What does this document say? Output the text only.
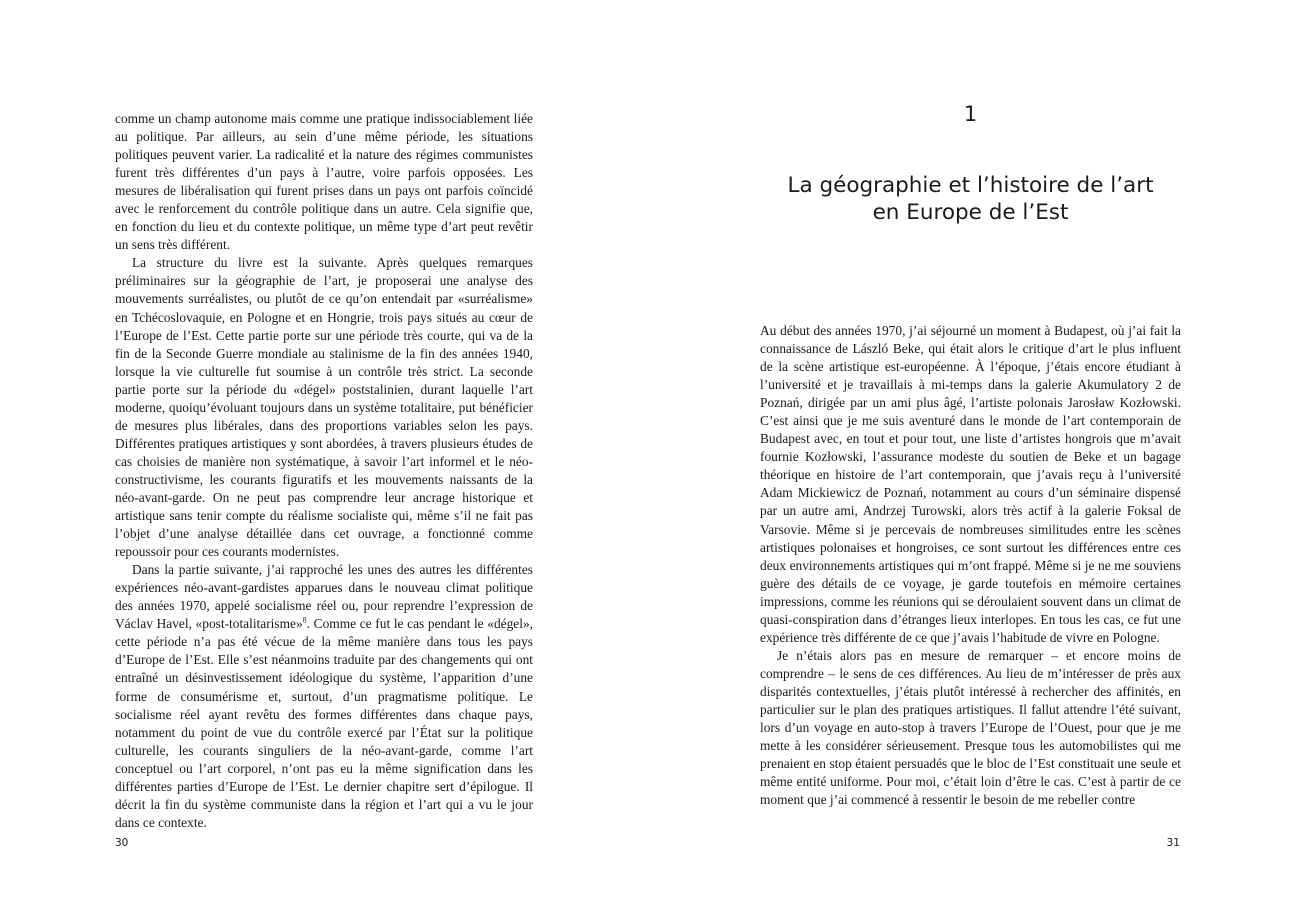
comme un champ autonome mais comme une pratique indissociablement liée au politique. Par ailleurs, au sein d’une même période, les situations politiques peuvent varier. La radicalité et la nature des régimes communistes furent très différentes d’un pays à l’autre, voire parfois opposées. Les mesures de libéralisation qui furent prises dans un pays ont parfois coïncidé avec le renforcement du contrôle politique dans un autre. Cela signifie que, en fonction du lieu et du contexte politique, un même type d’art peut revêtir un sens très différent.

La structure du livre est la suivante. Après quelques remarques préliminaires sur la géographie de l’art, je proposerai une analyse des mouvements surréalistes, ou plutôt de ce qu’on entendait par «surréalisme» en Tchécoslovaquie, en Pologne et en Hongrie, trois pays situés au cœur de l’Europe de l’Est. Cette partie porte sur une période très courte, qui va de la fin de la Seconde Guerre mondiale au stalinisme de la fin des années 1940, lorsque la vie culturelle fut soumise à un contrôle très strict. La seconde partie porte sur la période du «dégel» poststalinien, durant laquelle l’art moderne, quoiqu’évoluant toujours dans un système totalitaire, put bénéficier de mesures plus libérales, dans des proportions variables selon les pays. Différentes pratiques artistiques y sont abordées, à travers plusieurs études de cas choisies de manière non systématique, à savoir l’art informel et le néo-constructivisme, les courants figuratifs et les mouvements naissants de la néo-avant-garde. On ne peut pas comprendre leur ancrage historique et artistique sans tenir compte du réalisme socialiste qui, même s’il ne fait pas l’objet d’une analyse détaillée dans cet ouvrage, a fonctionné comme repoussoir pour ces courants modernistes.

Dans la partie suivante, j’ai rapproché les unes des autres les différentes expériences néo-avant-gardistes apparues dans le nouveau climat politique des années 1970, appelé socialisme réel ou, pour reprendre l’expression de Václav Havel, «post-totalitarisme»$^8$. Comme ce fut le cas pendant le «dégel», cette période n’a pas été vécue de la même manière dans tous les pays d’Europe de l’Est. Elle s’est néanmoins traduite par des changements qui ont entraîné un désinvestissement idéologique du système, l’apparition d’une forme de consumérisme et, surtout, d’un pragmatisme politique. Le socialisme réel ayant revêtu des formes différentes dans chaque pays, notamment du point de vue du contrôle exercé par l’État sur la politique culturelle, les courants singuliers de la néo-avant-garde, comme l’art conceptuel ou l’art corporel, n’ont pas eu la même signification dans les différentes parties d’Europe de l’Est. Le dernier chapitre sert d’épilogue. Il décrit la fin du système communiste dans la région et l’art qui a vu le jour dans ce contexte.

30
1
La géographie et l’histoire de l’art
en Europe de l’Est

Au début des années 1970, j’ai séjourné un moment à Budapest, où j’ai fait la connaissance de László Beke, qui était alors le critique d’art le plus influent de la scène artistique est-européenne. À l’époque, j’étais encore étudiant à l’université et je travaillais à mi-temps dans la galerie Akumulatory 2 de Poznań, dirigée par un ami plus âgé, l’artiste polonais Jarosław Kozłowski. C’est ainsi que je me suis aventuré dans le monde de l’art contemporain de Budapest avec, en tout et pour tout, une liste d’artistes hongrois que m’avait fournie Kozłowski, l’assurance modeste du soutien de Beke et un bagage théorique en histoire de l’art contemporain, que j’avais reçu à l’université Adam Mickiewicz de Poznań, notamment au cours d’un séminaire dispensé par un autre ami, Andrzej Turowski, alors très actif à la galerie Foksal de Varsovie. Même si je percevais de nombreuses similitudes entre les scènes artistiques polonaises et hongroises, ce sont surtout les différences entre ces deux environnements artistiques qui m’ont frappé. Même si je ne me souviens guère des détails de ce voyage, je garde toutefois en mémoire certaines impressions, comme les réunions qui se déroulaient souvent dans un climat de quasi-conspiration dans d’étranges lieux interlopes. En tous les cas, ce fut une expérience très différente de ce que j’avais l’habitude de vivre en Pologne.

Je n’étais alors pas en mesure de remarquer – et encore moins de comprendre – le sens de ces différences. Au lieu de m’intéresser de près aux disparités contextuelles, j’étais plutôt intéressé à rechercher des affinités, en particulier sur le plan des pratiques artistiques. Il fallut attendre l’été suivant, lors d’un voyage en auto-stop à travers l’Europe de l’Ouest, pour que je me mette à les considérer sérieusement. Presque tous les automobilistes qui me prenaient en stop étaient persuadés que le bloc de l’Est constituait une seule et même entité uniforme. Pour moi, c’était loin d’être le cas. C’est à partir de ce moment que j’ai commencé à ressentir le besoin de me rebeller contre

31
